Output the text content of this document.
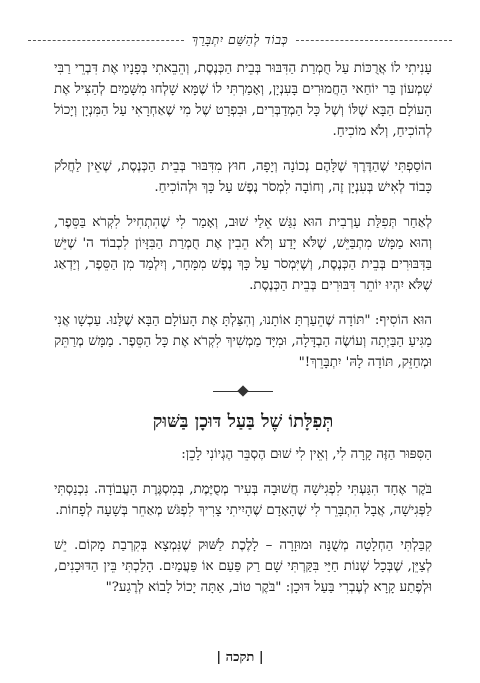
כְּבוֹד לְהַשֵּׁם יִתְבָּרֵךְ

עָנִיתִי לוֹ אֲרֻכּוֹת עַל חֻמְרַת הַדִּבּוּר בְּבֵית הַכְּנֶסֶת, וְהֵבֵאתִי בְּפָנָיו אֶת דִּבְרֵי רַבִּי שִׁמְעוֹן בַּר יוֹחַאי הַחֲמוּרִים בָּעִנְיָן, וְאָמַרְתִּי לוֹ שֶׁמָּא שָׁלְחוּ מִשָּׁמַיִם לְהַצִּיל אֶת הָעוֹלָם הַבָּא שֶׁלּוֹ וְשֶׁל כָּל הַמְדַבְּרִים, וּבִפְרָט שֶׁל מִי שֶׁאַחְרָאִי עַל הַמִּנְיָן וְיָכוֹל לְהוֹכִיחַ, וְלֹא מוֹכִיחַ.

הוֹסַפְתִּי שֶׁהַדֶּרֶךְ שֶׁלָּהֶם נְכוֹנָה וְיָפָה, חוּץ מִדִּבּוּר בְּבֵית הַכְּנֶסֶת, שֶׁאֵין לַחֲלֹק כָּבוֹד לְאִישׁ בְּעִנְיָן זֶה, וְחוֹבָה לִמְסֹר נֶפֶשׁ עַל כָּךְ וּלְהוֹכִיחַ.

לְאַחַר תְּפִלַּת עַרְבִית הוּא נִגַּשׁ אֵלַי שׁוּב, וְאָמַר לִי שֶׁהִתְחִיל לִקְרֹא בַּסֵּפֶר, וְהוּא מַמָּשׁ מִתְבַּיֵּשׁ, שֶׁלֹּא יָדַע וְלֹא הֵבִין אֶת חֻמְרַת הַבִּזָּיוֹן לִכְבוֹד ה' שֶׁיֵּשׁ בַּדִּבּוּרִים בְּבֵית הַכְּנֶסֶת, וְשֶׁיִּמְסֹר עַל כָּךְ נֶפֶשׁ מִמָּחָר, וְיִלְמַד מִן הַסֵּפֶר, וְיַדְאַג שֶׁלֹּא יִהְיוּ יוֹתֵר דִּבּוּרִים בְּבֵית הַכְּנֶסֶת.

הוּא הוֹסִיף: "תּוֹדָה שֶׁהֵעַרְתָּ אוֹתָנוּ, וְהִצַּלְתָּ אֶת הָעוֹלָם הַבָּא שֶׁלָּנוּ. עַכְשָׁו אֲנִי מַגִּיעַ הַבַּיְתָה וְעוֹשֶׂה הַבְדָּלָה, וּמִיָּד מַמְשִׁיךְ לִקְרֹא אֶת כָּל הַסֵּפֶר. מַמָּשׁ מְרַתֵּק וּמְחַזֵּק, תּוֹדָה לָהּ' יִתְבָּרֵךְ!"

תְּפִלָּתוֹ שֶׁל בַּעַל דּוּכָן בַּשּׁוּק

הַסִּפּוּר הַזֶּה קָרָה לִי, וְאֵין לִי שׁוּם הֶסְבֵּר הֶגְיוֹנִי לָכֵן:

בֹּקֶר אֶחָד הִגַּעְתִּי לִפְגִישָׁה חֲשׁוּבָה בְּעִיר מְסֻיֶּמֶת, בְּמִסְגֶּרֶת הָעֲבוֹדָה. נִכְנַסְתִּי לַפְּגִישָׁה, אֲבָל הִתְבָּרֵר לִי שֶׁהָאָדָם שֶׁהָיִיתִי צָרִיךְ לִפְגֹּשׁ מְאַחֵר בְּשָׁעָה לְפָחוֹת.

קִבַּלְתִּי הַחְלָטָה מְשֻׁנָּה וּמוּזָרָה – לָלֶכֶת לַשּׁוּק שֶׁנִּמְצָא בְּקִרְבַת מָקוֹם. יֵשׁ לְצַיֵּן, שֶׁבְּכָל שְׁנוֹת חַיַּי בִּקַּרְתִּי שָׁם רַק פַּעַם אוֹ פַּעֲמַיִם. הָלַכְתִּי בֵּין הַדּוּכָנִים, וּלְפֶתַע קָרָא לְעֶבְרִי בַּעַל דּוּכָן: "בֹּקֶר טוֹב, אַתָּה יָכוֹל לָבוֹא לְרֶגַע?"

| תקכה |
